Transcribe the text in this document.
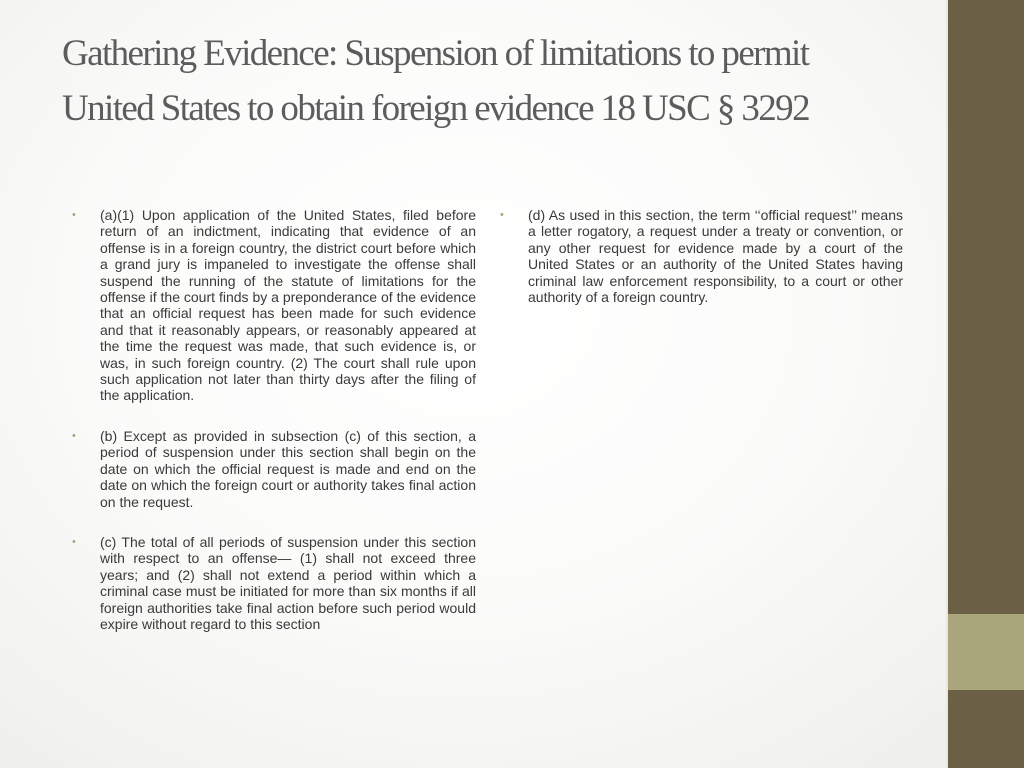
Gathering Evidence: Suspension of limitations to permit United States to obtain foreign evidence 18 USC § 3292
• (a)(1) Upon application of the United States, filed before return of an indictment, indicating that evidence of an offense is in a foreign country, the district court before which a grand jury is impaneled to investigate the offense shall suspend the running of the statute of limitations for the offense if the court finds by a preponderance of the evidence that an official request has been made for such evidence and that it reasonably appears, or reasonably appeared at the time the request was made, that such evidence is, or was, in such foreign country. (2) The court shall rule upon such application not later than thirty days after the filing of the application.
• (b) Except as provided in subsection (c) of this section, a period of suspension under this section shall begin on the date on which the official request is made and end on the date on which the foreign court or authority takes final action on the request.
• (c) The total of all periods of suspension under this section with respect to an offense— (1) shall not exceed three years; and (2) shall not extend a period within which a criminal case must be initiated for more than six months if all foreign authorities take final action before such period would expire without regard to this section
• (d) As used in this section, the term ‘‘official request’’ means a letter rogatory, a request under a treaty or convention, or any other request for evidence made by a court of the United States or an authority of the United States having criminal law enforcement responsibility, to a court or other authority of a foreign country.
